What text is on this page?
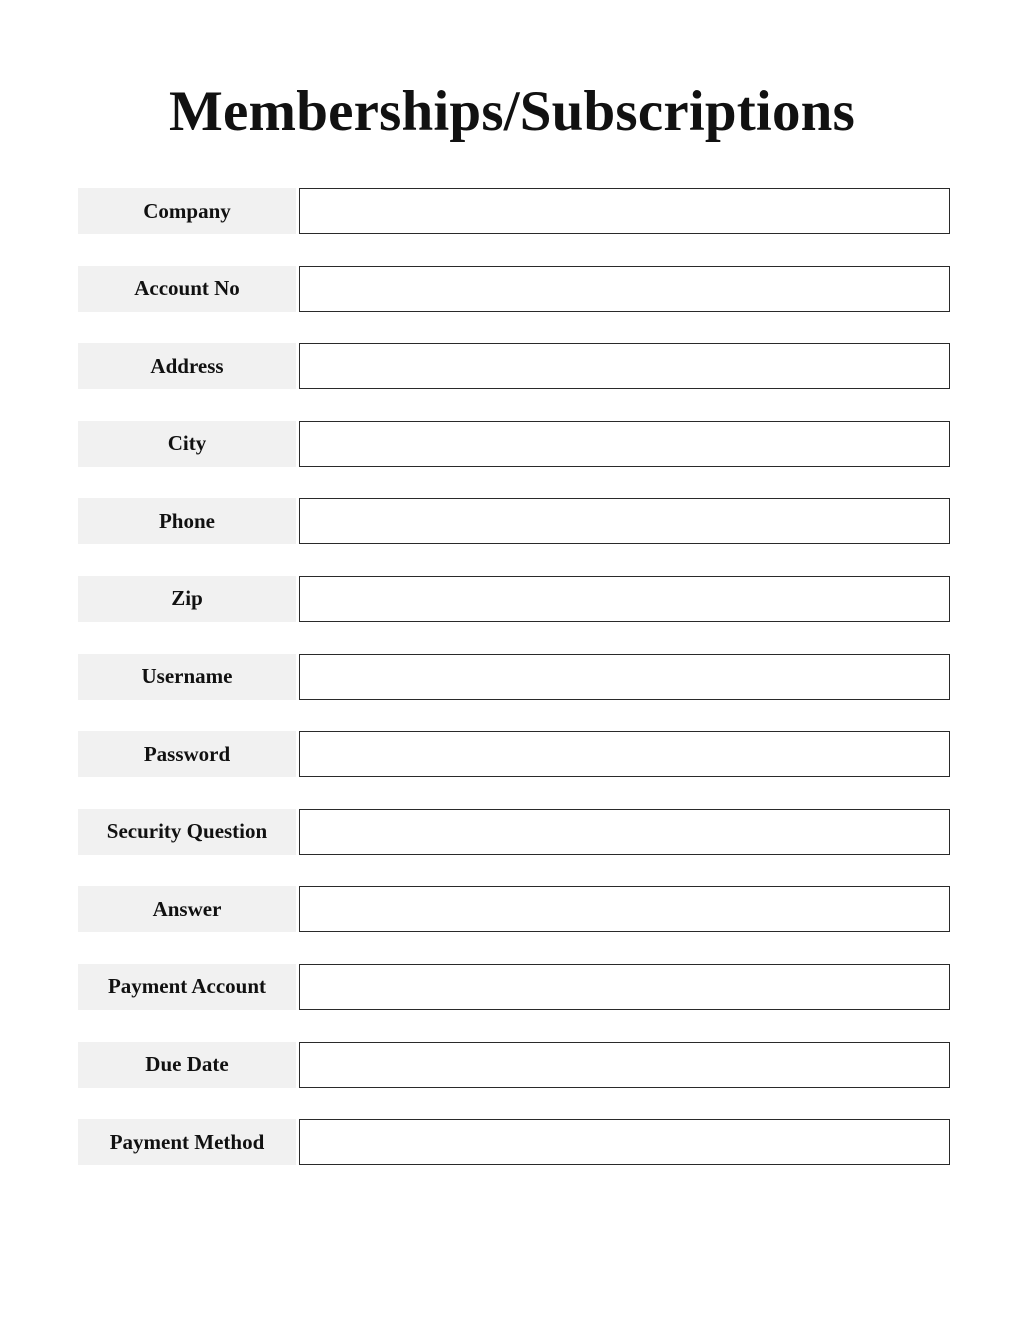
Memberships/Subscriptions
Company
Account No
Address
City
Phone
Zip
Username
Password
Security Question
Answer
Payment Account
Due Date
Payment Method
